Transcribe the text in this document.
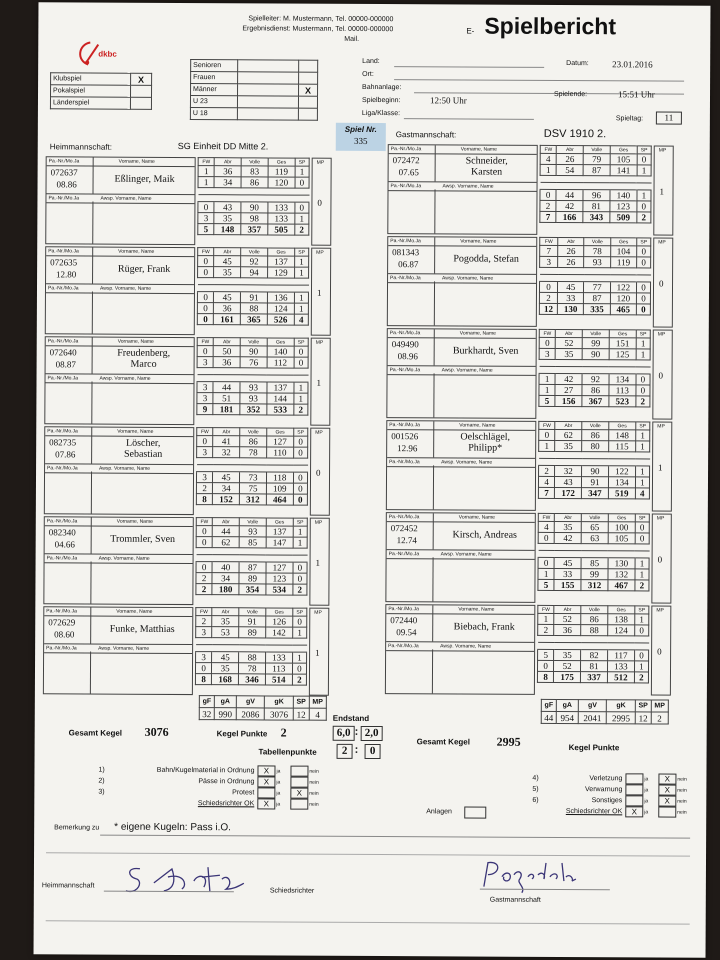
dkbc
Spielleiter: M. Mustermann, Tel. 00000-000000
Ergebnisdienst: Mustermann, Tel. 00000-000000
Mail.
E- Spielbericht
Klubspiel	X
Pokalspiel	
Länderspiel	
Senioren		
Frauen		
Männer		X
U 23		
U 18		
Land:
Ort:
Bahnanlage:
Spielbeginn:	12:50 Uhr
Liga/Klasse:
Datum:	23.01.2016
Spielende:	15:51 Uhr
Spieltag:	11
Spiel Nr.
335
Heimmannschaft:	SG Einheit DD Mitte 2.
Gastmannschaft:	DSV 1910 2.
Pa.-Nr./Mo.Ja	Vorname, Name
072637
08.86	Eßlinger, Maik
Pa.-Nr./Mo.Ja	Awsp. Vorname, Name
FW	Abr	Volle	Ges	SP
1	36	83	119	1
1	34	86	120	0

0	43	90	133	0
3	35	98	133	1
5	148	357	505	2
MP
0
Pa.-Nr./Mo.Ja	Vorname, Name
072635
12.80	Rüger, Frank
Pa.-Nr./Mo.Ja	Awsp. Vorname, Name
FW	Abr	Volle	Ges	SP
0	45	92	137	1
0	35	94	129	1

0	45	91	136	1
0	36	88	124	1
0	161	365	526	4
MP
1
Pa.-Nr./Mo.Ja	Vorname, Name
072640
08.87
Freudenberg,
Marco
Pa.-Nr./Mo.Ja	Awsp. Vorname, Name
FW	Abr	Volle	Ges	SP
0	50	90	140	0
3	36	76	112	0

3	44	93	137	1
3	51	93	144	1
9	181	352	533	2
MP
1
Pa.-Nr./Mo.Ja	Vorname, Name
082735
07.86
Löscher,
Sebastian
Pa.-Nr./Mo.Ja	Awsp. Vorname, Name
FW	Abr	Volle	Ges	SP
0	41	86	127	0
3	32	78	110	0

3	45	73	118	0
2	34	75	109	0
8	152	312	464	0
MP
0
Pa.-Nr./Mo.Ja	Vorname, Name
082340
04.66	Trommler, Sven
Pa.-Nr./Mo.Ja	Awsp. Vorname, Name
FW	Abr	Volle	Ges	SP
0	44	93	137	1
0	62	85	147	1

0	40	87	127	0
2	34	89	123	0
2	180	354	534	2
MP
1
Pa.-Nr./Mo.Ja	Vorname, Name
072629
08.60	Funke, Matthias
Pa.-Nr./Mo.Ja	Awsp. Vorname, Name
FW	Abr	Volle	Ges	SP
2	35	91	126	0
3	53	89	142	1

3	45	88	133	1
0	35	78	113	0
8	168	346	514	2
MP
1
Pa.-Nr./Mo.Ja	Vorname, Name
072472
07.65
Schneider,
Karsten
Pa.-Nr./Mo.Ja	Awsp. Vorname, Name
FW	Abr	Volle	Ges	SP
4	26	79	105	0
1	54	87	141	1

0	44	96	140	1
2	42	81	123	0
7	166	343	509	2
MP
1
Pa.-Nr./Mo.Ja	Vorname, Name
081343
06.87	Pogodda, Stefan
Pa.-Nr./Mo.Ja	Awsp. Vorname, Name
FW	Abr	Volle	Ges	SP
7	26	78	104	0
3	26	93	119	0

0	45	77	122	0
2	33	87	120	0
12	130	335	465	0
MP
0
Pa.-Nr./Mo.Ja	Vorname, Name
049490
08.96	Burkhardt, Sven
Pa.-Nr./Mo.Ja	Awsp. Vorname, Name
FW	Abr	Volle	Ges	SP
0	52	99	151	1
3	35	90	125	1

1	42	92	134	0
1	27	86	113	0
5	156	367	523	2
MP
0
Pa.-Nr./Mo.Ja	Vorname, Name
001526
12.96
Oelschlägel,
Philipp*
Pa.-Nr./Mo.Ja	Awsp. Vorname, Name
FW	Abr	Volle	Ges	SP
0	62	86	148	1
1	35	80	115	1

2	32	90	122	1
4	43	91	134	1
7	172	347	519	4
MP
1
Pa.-Nr./Mo.Ja	Vorname, Name
072452
12.74	Kirsch, Andreas
Pa.-Nr./Mo.Ja	Awsp. Vorname, Name
FW	Abr	Volle	Ges	SP
4	35	65	100	0
0	42	63	105	0

0	45	85	130	1
1	33	99	132	1
5	155	312	467	2
MP
0
Pa.-Nr./Mo.Ja	Vorname, Name
072440
09.54	Biebach, Frank
Pa.-Nr./Mo.Ja	Awsp. Vorname, Name
FW	Abr	Volle	Ges	SP
1	52	86	138	1
2	36	88	124	0

5	35	82	117	0
0	52	81	133	1
8	175	337	512	2
MP
0
gF	gA	gV	gK	SP	MP
32	990	2086	3076	12	4
gF	gA	gV	gK	SP	MP
44	954	2041	2995	12	2
Endstand
Gesamt Kegel 3076	Kegel Punkte 2	6,0 : 2,0
Tabellenpunkte	2 :	0
Gesamt Kegel 2995	Kegel Punkte
1)	Bahn/Kugelmaterial in Ordnung X ja	nein
2)	Pässe in Ordnung X ja	nein
3)	Protest	ja X nein
Schiedsrichter OK X ja	nein
4)	Verletzung	ja X nein
5)	Verwarnung	ja X nein
6)	Sonstiges	ja X nein
Schiedsrichter OK X ja	nein
Anlagen
Bemerkung zu * eigene Kugeln: Pass i.O.
Heimmannschaft
Schiedsrichter
Gastmannschaft
